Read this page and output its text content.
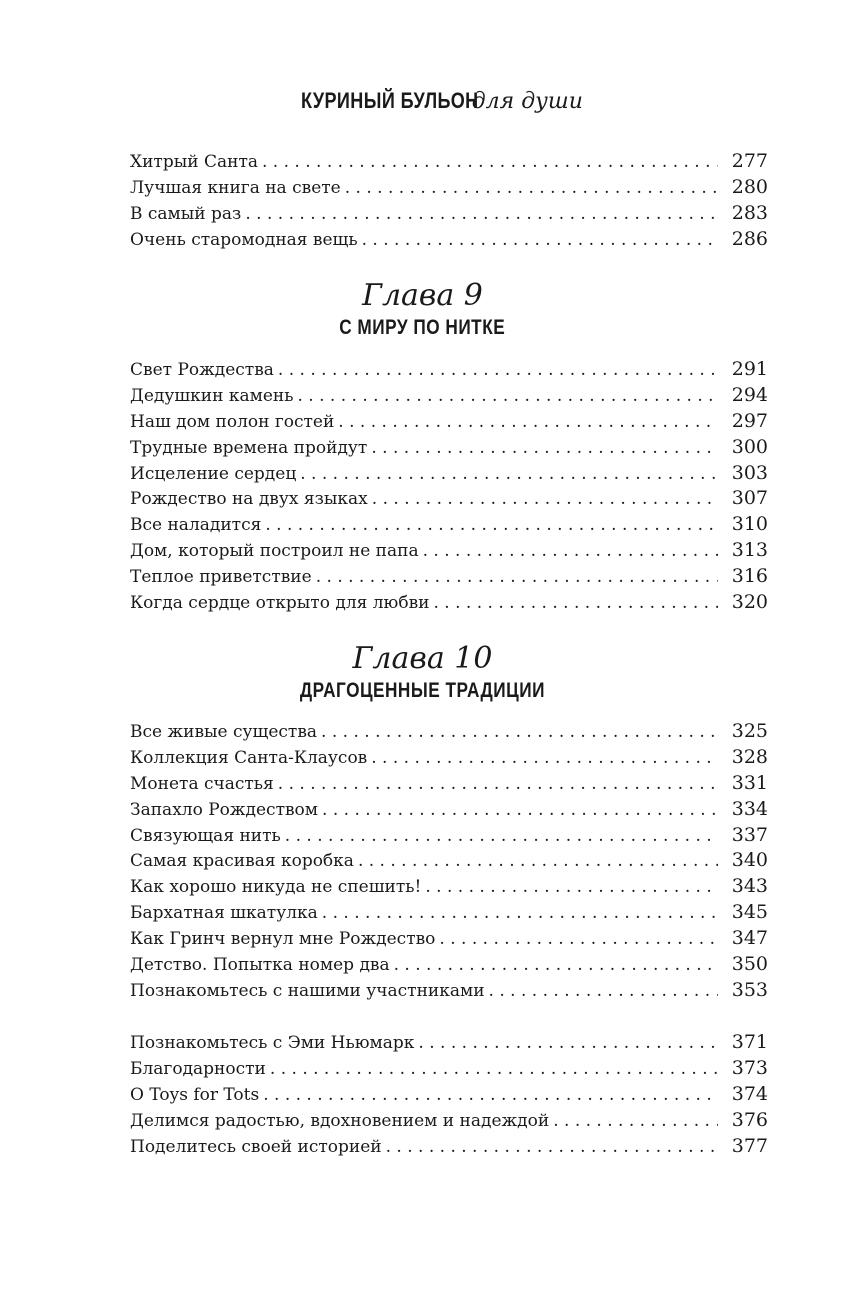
КУРИНЫЙ БУЛЬОН для души
Хитрый Санта . . .	277
Лучшая книга на свете . . .	280
В самый раз . . .	283
Очень старомодная вещь . . .	286
Глава 9
С МИРУ ПО НИТКЕ
Свет Рождества . . .	291
Дедушкин камень . . .	294
Наш дом полон гостей . . .	297
Трудные времена пройдут . . .	300
Исцеление сердец . . .	303
Рождество на двух языках . . .	307
Все наладится . . .	310
Дом, который построил не папа . . .	313
Теплое приветствие . . .	316
Когда сердце открыто для любви . . .	320
Глава 10
ДРАГОЦЕННЫЕ ТРАДИЦИИ
Все живые существа . . .	325
Коллекция Санта-Клаусов . . .	328
Монета счастья . . .	331
Запахло Рождеством . . .	334
Связующая нить . . .	337
Самая красивая коробка . . .	340
Как хорошо никуда не спешить! . . .	343
Бархатная шкатулка . . .	345
Как Гринч вернул мне Рождество . . .	347
Детство. Попытка номер два . . .	350
Познакомьтесь с нашими участниками . . .	353
Познакомьтесь с Эми Ньюмарк . . .	371
Благодарности . . .	373
О Toys for Tots . . .	374
Делимся радостью, вдохновением и надеждой . . .	376
Поделитесь своей историей . . .	377
